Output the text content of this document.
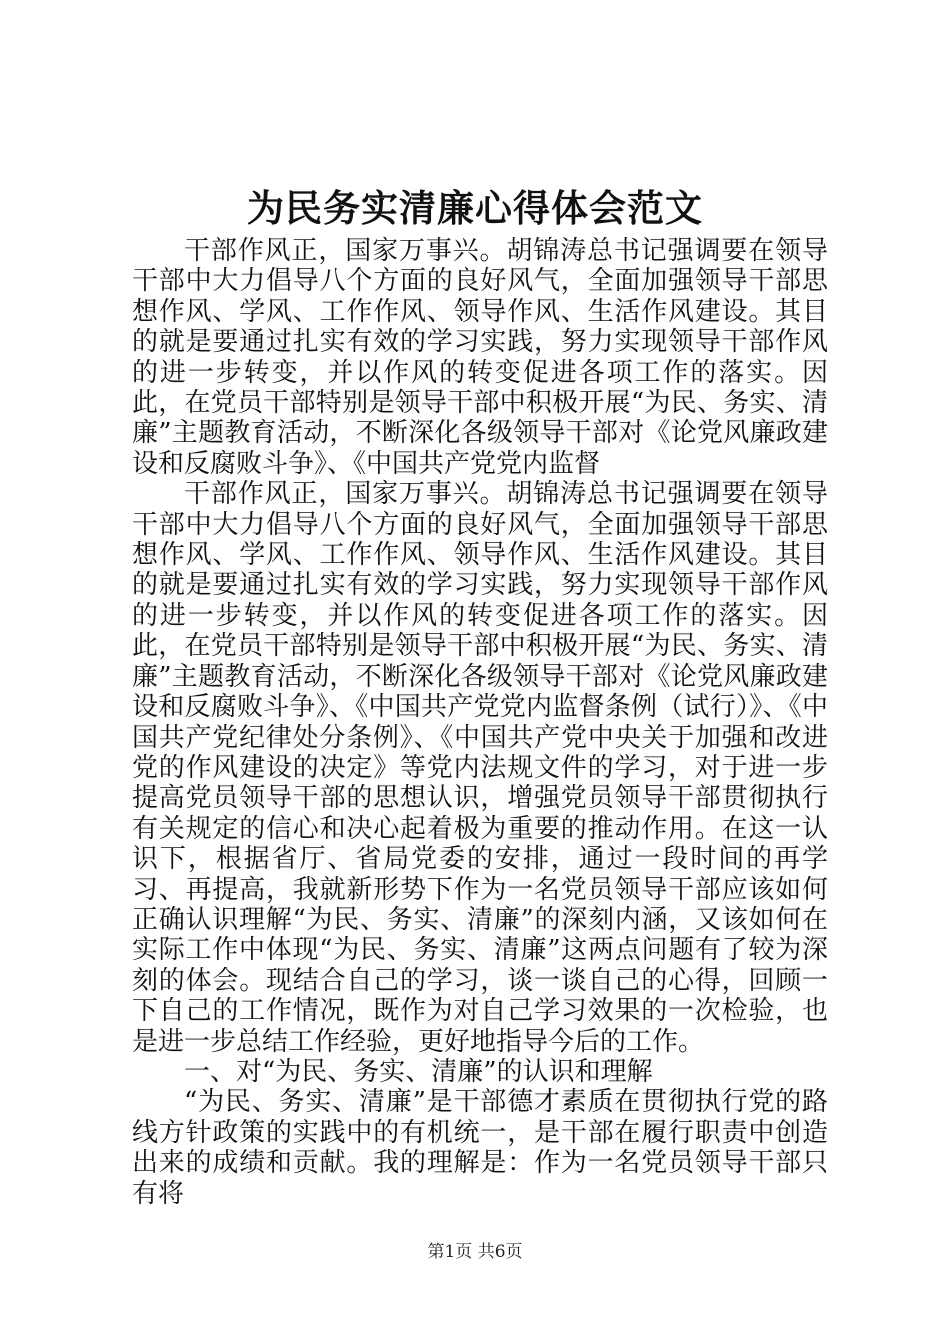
为民务实清廉心得体会范文

干部作风正，国家万事兴。胡锦涛总书记强调要在领导干部中大力倡导八个方面的良好风气，全面加强领导干部思想作风、学风、工作作风、领导作风、生活作风建设。其目的就是要通过扎实有效的学习实践，努力实现领导干部作风的进一步转变，并以作风的转变促进各项工作的落实。因此，在党员干部特别是领导干部中积极开展“为民、务实、清廉”主题教育活动，不断深化各级领导干部对《论党风廉政建设和反腐败斗争》、《中国共产党党内监督

干部作风正，国家万事兴。胡锦涛总书记强调要在领导干部中大力倡导八个方面的良好风气，全面加强领导干部思想作风、学风、工作作风、领导作风、生活作风建设。其目的就是要通过扎实有效的学习实践，努力实现领导干部作风的进一步转变，并以作风的转变促进各项工作的落实。因此，在党员干部特别是领导干部中积极开展“为民、务实、清廉”主题教育活动，不断深化各级领导干部对《论党风廉政建设和反腐败斗争》、《中国共产党党内监督条例（试行）》、《中国共产党纪律处分条例》、《中国共产党中央关于加强和改进党的作风建设的决定》等党内法规文件的学习，对于进一步提高党员领导干部的思想认识，增强党员领导干部贯彻执行有关规定的信心和决心起着极为重要的推动作用。在这一认识下，根据省厅、省局党委的安排，通过一段时间的再学习、再提高，我就新形势下作为一名党员领导干部应该如何正确认识理解“为民、务实、清廉”的深刻内涵，又该如何在实际工作中体现“为民、务实、清廉”这两点问题有了较为深刻的体会。现结合自己的学习，谈一谈自己的心得，回顾一下自己的工作情况，既作为对自己学习效果的一次检验，也是进一步总结工作经验，更好地指导今后的工作。

一、对“为民、务实、清廉”的认识和理解

“为民、务实、清廉”是干部德才素质在贯彻执行党的路线方针政策的实践中的有机统一，是干部在履行职责中创造出来的成绩和贡献。我的理解是：作为一名党员领导干部只有将

第1页 共6页
